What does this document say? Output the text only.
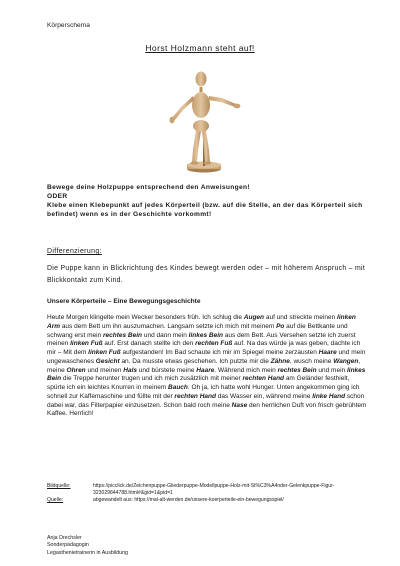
Körperschema
Horst Holzmann steht auf!
Bewege deine Holzpuppe entsprechend den Anweisungen!
ODER
Klebe einen Klebepunkt auf jedes Körperteil (bzw. auf die Stelle, an der das Körperteil sich befindet) wenn es in der Geschichte vorkommt!
Differenzierung:
Die Puppe kann in Blickrichtung des Kindes bewegt werden oder – mit höherem Anspruch – mit Blickkontakt zum Kind.
Unsere Körperteile – Eine Bewegungsgeschichte
Heute Morgen klingelte mein Wecker besonders früh. Ich schlug die Augen auf und streckte meinen linken Arm aus dem Bett um ihn auszumachen. Langsam setzte ich mich mit meinem Po auf die Bettkante und schwang erst mein rechtes Bein und dann mein linkes Bein aus dem Bett. Aus Versehen setzte ich zuerst meinen linken Fuß auf. Erst danach stellte ich den rechten Fuß auf. Na das würde ja was geben, dachte ich mir – Mit dem linken Fuß aufgestanden! Im Bad schaute ich mir im Spiegel meine zerzausten Haare und mein ungewaschenes Gesicht an. Da musste etwas geschehen. Ich putzte mir die Zähne, wusch meine Wangen, meine Ohren und meinen Hals und bürstete meine Haare. Während mich mein rechtes Bein und mein linkes Bein die Treppe herunter trugen und ich mich zusätzlich mit meiner rechten Hand am Geländer festhielt, spürte ich ein leichtes Knurren in meinem Bauch. Oh ja, ich hatte wohl Hunger. Unten angekommen ging ich schnell zur Kaffemaschine und füllte mit der rechten Hand das Wasser ein, während meine linke Hand schon dabei war, das Filterpapier einzusetzen. Schon bald roch meine Nase den herrlichen Duft von frisch gebrühtem Kaffee. Herrlich!
Bildquelle:	https://picclick.de/Zeichenpuppe-Gliederpuppe-Modellpuppe-Holz-mit-St%C3%A4nder-Gelenkpuppe-Figur-323029844788.html#&gid=1&pid=1
Quelle:	abgewandelt aus: https://mal-alt-werden.de/unsere-koerperteile-ein-bewegungsspiel/
Anja Drechsler
Sonderpädagogin
Legasthenietrainerin in Ausbildung
